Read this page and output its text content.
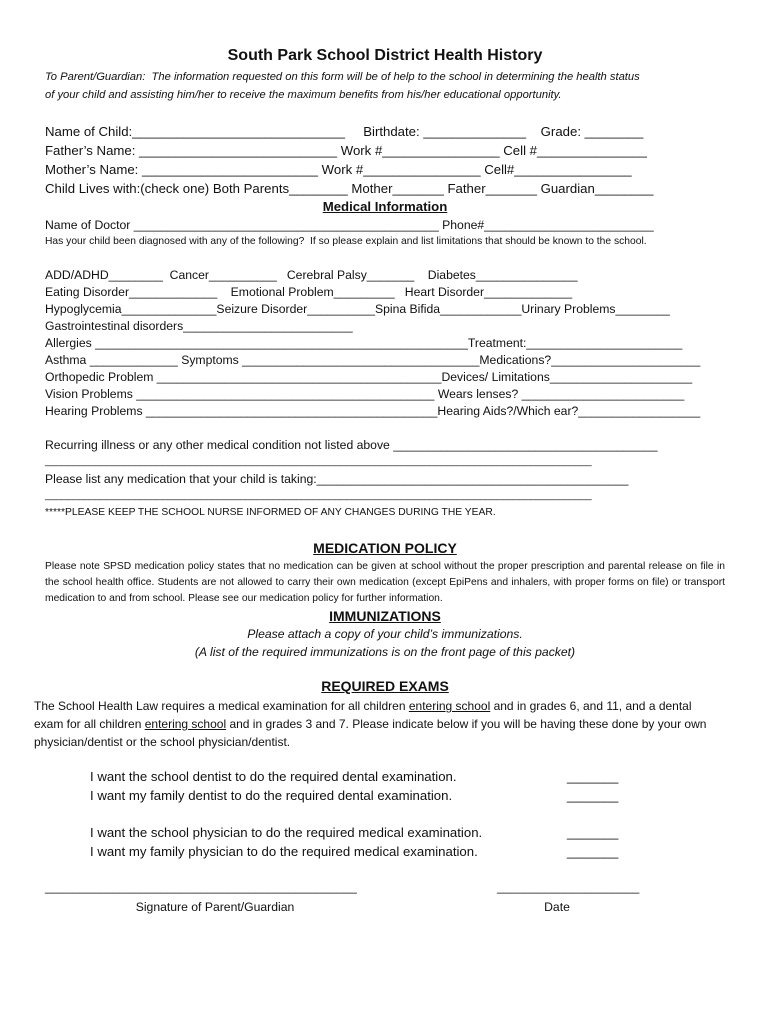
South Park School District Health History
To Parent/Guardian:  The information requested on this form will be of help to the school in determining the health status
of your child and assisting him/her to receive the maximum benefits from his/her educational opportunity.
Name of Child:_____________________________     Birthdate: ______________    Grade: ________
Father’s Name: ___________________________ Work #________________ Cell #_______________
Mother’s Name: ________________________ Work #________________ Cell#________________
Child Lives with:(check one) Both Parents________ Mother_______ Father_______ Guardian________
Medical Information
Name of Doctor _____________________________________________ Phone#_________________________
Has your child been diagnosed with any of the following?  If so please explain and list limitations that should be known to the school.
ADD/ADHD________  Cancer__________   Cerebral Palsy_______    Diabetes_______________
Eating Disorder_____________    Emotional Problem_________   Heart Disorder_____________
Hypoglycemia______________Seizure Disorder__________Spina Bifida____________Urinary Problems________
Gastrointestinal disorders_________________________
Allergies _______________________________________________________Treatment:_______________________
Asthma _____________ Symptoms ___________________________________Medications?______________________
Orthopedic Problem __________________________________________Devices/ Limitations_____________________
Vision Problems ____________________________________________ Wears lenses? ________________________
Hearing Problems ___________________________________________Hearing Aids?/Which ear?__________________
Recurring illness or any other medical condition not listed above _______________________________________
__________________________________________________________________________________________________
Please list any medication that your child is taking:______________________________________________
__________________________________________________________________________________________________
*****PLEASE KEEP THE SCHOOL NURSE INFORMED OF ANY CHANGES DURING THE YEAR.
MEDICATION POLICY
Please note SPSD medication policy states that no medication can be given at school without the proper prescription and parental release on file in the school health office. Students are not allowed to carry their own medication (except EpiPens and inhalers, with proper forms on file) or transport medication to and from school. Please see our medication policy for further information.
IMMUNIZATIONS
Please attach a copy of your child’s immunizations.
(A list of the required immunizations is on the front page of this packet)
REQUIRED EXAMS
The School Health Law requires a medical examination for all children entering school and in grades 6, and 11, and a dental exam for all children entering school and in grades 3 and 7. Please indicate below if you will be having these done by your own physician/dentist or the school physician/dentist.
I want the school dentist to do the required dental examination.	_______
I want my family dentist to do the required dental examination.	_______
I want the school physician to do the required medical examination.	_______
I want my family physician to do the required medical examination.	_______
______________________________________________
Signature of Parent/Guardian
_____________________
Date
